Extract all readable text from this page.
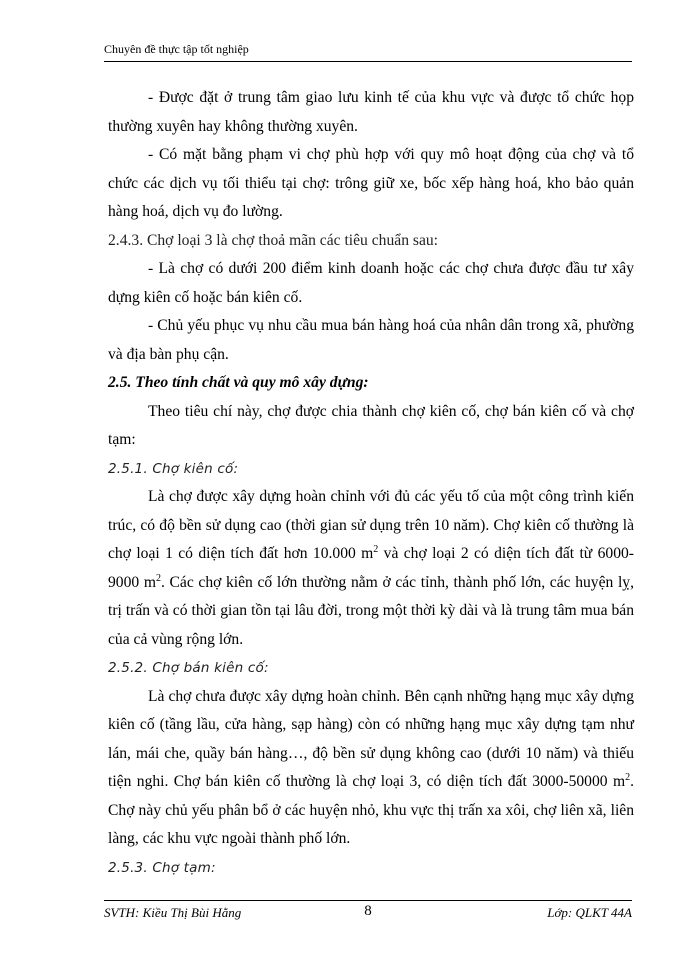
Chuyên đề thực tập tốt nghiệp

- Được đặt ở trung tâm giao lưu kinh tế của khu vực và được tổ chức họp thường xuyên hay không thường xuyên.

- Có mặt bằng phạm vi chợ phù hợp với quy mô hoạt động của chợ và tổ chức các dịch vụ tối thiểu tại chợ: trông giữ xe, bốc xếp hàng hoá, kho bảo quản hàng hoá, dịch vụ đo lường.

2.4.3. Chợ loại 3 là chợ thoả mãn các tiêu chuẩn sau:

- Là chợ có dưới 200 điểm kinh doanh hoặc các chợ chưa được đầu tư xây dựng kiên cố hoặc bán kiên cố.

- Chủ yếu phục vụ nhu cầu mua bán hàng hoá của nhân dân trong xã, phường và địa bàn phụ cận.

2.5. Theo tính chất và quy mô xây dựng:

Theo tiêu chí này, chợ được chia thành chợ kiên cố, chợ bán kiên cố và chợ tạm:

2.5.1. Chợ kiên cố:

Là chợ được xây dựng hoàn chỉnh với đủ các yếu tố của một công trình kiến trúc, có độ bền sử dụng cao (thời gian sử dụng trên 10 năm). Chợ kiên cố thường là chợ loại 1 có diện tích đất hơn 10.000 $m^2$ và chợ loại 2 có diện tích đất từ 6000-9000 $m^2$. Các chợ kiên cố lớn thường nằm ở các tỉnh, thành phố lớn, các huyện lỵ, trị trấn và có thời gian tồn tại lâu đời, trong một thời kỳ dài và là trung tâm mua bán của cả vùng rộng lớn.

2.5.2. Chợ bán kiên cố:

Là chợ chưa được xây dựng hoàn chỉnh. Bên cạnh những hạng mục xây dựng kiên cố (tầng lầu, cửa hàng, sạp hàng) còn có những hạng mục xây dựng tạm như lán, mái che, quầy bán hàng…, độ bền sử dụng không cao (dưới 10 năm) và thiếu tiện nghi. Chợ bán kiên cố thường là chợ loại 3, có diện tích đất 3000-50000 $m^2$. Chợ này chủ yếu phân bổ ở các huyện nhỏ, khu vực thị trấn xa xôi, chợ liên xã, liên làng, các khu vực ngoài thành phố lớn.

2.5.3. Chợ tạm:

SVTH: Kiều Thị Bùi Hằng	8	Lớp: QLKT 44A
